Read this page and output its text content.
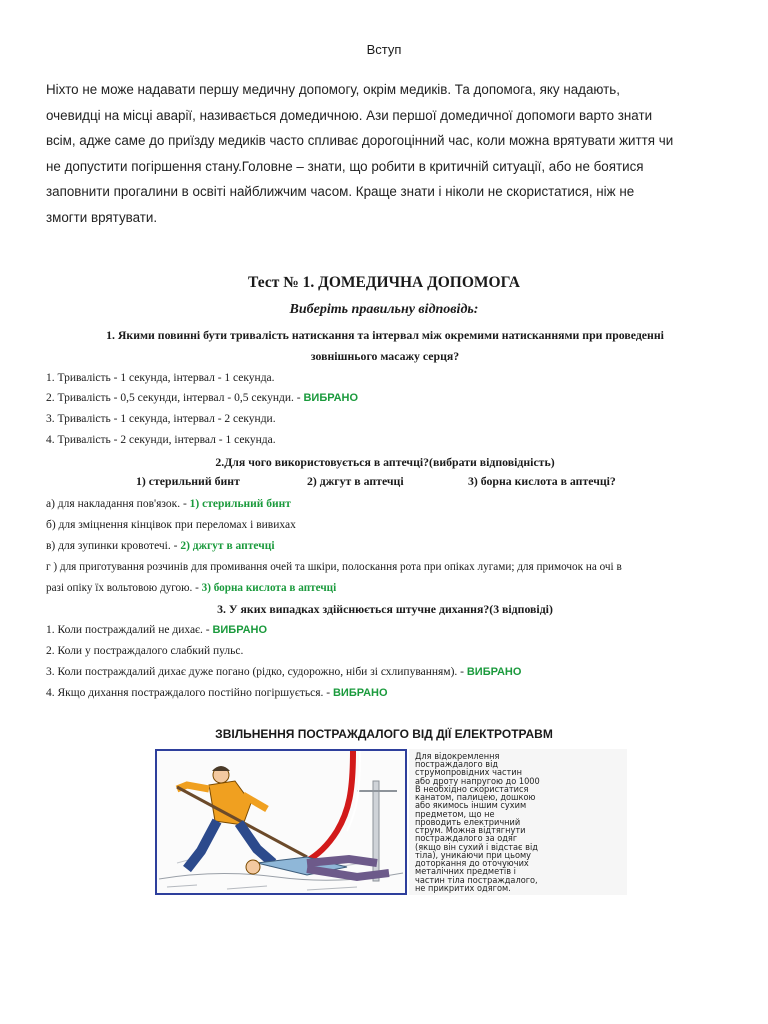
Вступ
Ніхто не може надавати першу медичну допомогу, окрім медиків. Та допомога, яку надають,
очевидці на місці аварії, називається домедичною. Ази першої домедичної допомоги варто знати
всім, адже саме до приїзду медиків часто спливає дорогоцінний час, коли можна врятувати життя чи
не допустити погіршення стану.Головне – знати, що робити в критичній ситуації, або не боятися
заповнити прогалини в освіті найближчим часом. Краще знати і ніколи не скористатися, ніж не
змогти врятувати.
Тест № 1. ДОМЕДИЧНА ДОПОМОГА
Виберіть правильну відповідь:
1. Якими повинні бути тривалість натискання та інтервал між окремими натисканнями при проведенні
зовнішнього масажу серця?
1. Тривалість - 1 секунда, інтервал - 1 секунда.
2. Тривалість - 0,5 секунди, інтервал - 0,5 секунди. - ВИБРАНО
3. Тривалість - 1 секунда, інтервал - 2 секунди.
4. Тривалість - 2 секунди, інтервал - 1 секунда.
2.Для чого використовується в аптечці?(вибрати відповідність)
1) стерильний бинт	2) джгут в аптечці	3) борна кислота в аптечці?
а) для накладання пов'язок. - 1) стерильний бинт
б) для зміцнення кінцівок при переломах і вивихах
в) для зупинки кровотечі. - 2) джгут в аптечці
г ) для приготування розчинів для промивання очей та шкіри, полоскання рота при опіках лугами; для примочок на очі в
разі опіку їх вольтовою дугою. - 3) борна кислота в аптечці
3. У яких випадках здійснюється штучне дихання?(3 відповіді)
1. Коли постраждалий не дихає. - ВИБРАНО
2. Коли у постраждалого слабкий пульс.
3. Коли постраждалий дихає дуже погано (рідко, судорожно, ніби зі схлипуванням). - ВИБРАНО
4. Якщо дихання постраждалого постійно погіршується. - ВИБРАНО
ЗВІЛЬНЕННЯ ПОСТРАЖДАЛОГО ВІД ДІЇ ЕЛЕКТРОТРАВМ
Для відокремлення
постраждалого від
струмопровідних частин
або дроту напругою до 1000
В необхідно скористатися
канатом, палицею, дошкою
або якимось іншим сухим
предметом, що не
проводить електричний
струм. Можна відтягнути
постраждалого за одяг
(якщо він сухий і відстає від
тіла), уникаючи при цьому
доторкання до оточуючих
металічних предметів і
частин тіла постраждалого,
не прикритих одягом.
